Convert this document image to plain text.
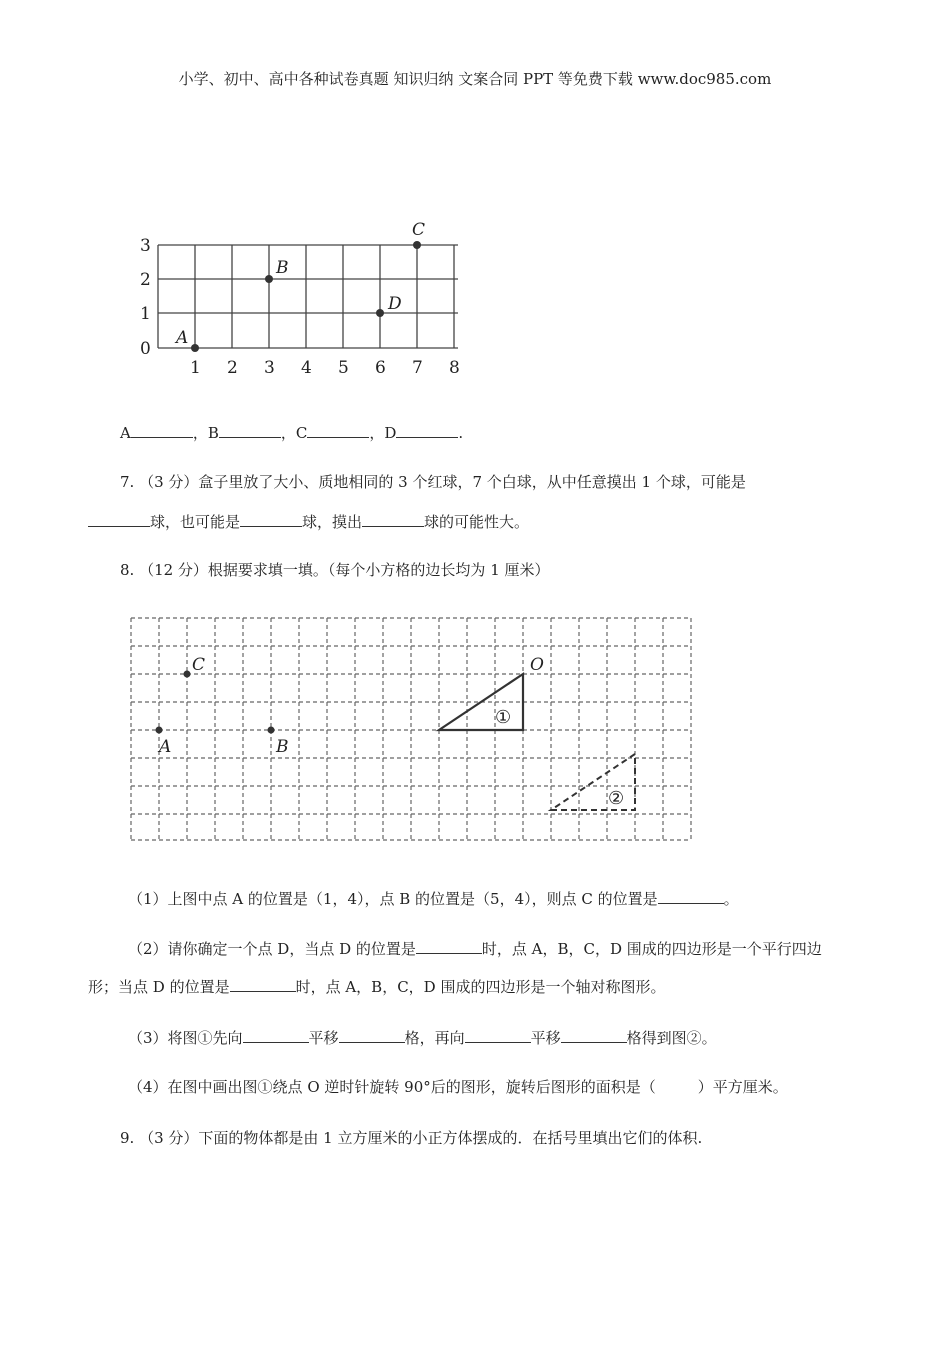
小学、初中、高中各种试卷真题 知识归纳 文案合同 PPT 等免费下载 www.doc985.com
3
2
1
0
1 2 3 4 5 6 7 8
A
B
C
D
A	，B	，C	，D	.
7. （3 分）盒子里放了大小、质地相同的 3 个红球，7 个白球，从中任意摸出 1 个球，可能是
球，也可能是	球，摸出	球的可能性大。
8. （12 分）根据要求填一填。（每个小方格的边长均为 1 厘米）
A	B
C	O
①
②
（1）上图中点 A 的位置是（1，4），点 B 的位置是（5，4），则点 C 的位置是	。
（2）请你确定一个点 D，当点 D 的位置是	时，点 A，B，C，D 围成的四边形是一个平行四边
形；当点 D 的位置是	时，点 A，B，C，D 围成的四边形是一个轴对称图形。
（3）将图①先向	平移	格，再向	平移	格得到图②。
（4）在图中画出图①绕点 O 逆时针旋转 90°后的图形，旋转后图形的面积是（	）平方厘米。
9. （3 分）下面的物体都是由 1 立方厘米的小正方体摆成的．在括号里填出它们的体积.
